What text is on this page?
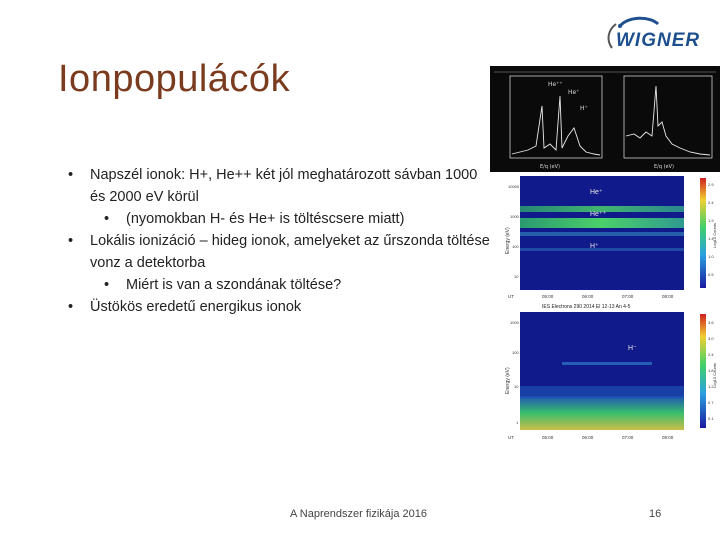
Ionpopulácók
WIGNER
• Napszél ionok: H+, He++ két jól meghatározott sávban 1000 és 2000 eV körül
• (nyomokban H- és He+ is töltéscsere miatt)
• Lokális ionizáció – hideg ionok, amelyeket az űrszonda töltése vonz a detektorba
• Miért is van a szondának töltése?
• Üstökös eredetű energikus ionok
He⁺⁺
He⁺
H⁺
E/q (eV)	E/q (eV)
He⁺
He⁺⁺
H⁺
2.9
2.4
1.9
1.4
1.0
0.5
10000
1000
100
10
Energy (eV)	Log10 Counts
UT	05:00	06:00	07:00	08:00
IES Electrons 290 2014 El 12-13 An 4-5
H⁻
3.6
3.0
2.4
1.8
1.2
0.7
0.1
1000
100
10
1
Energy (eV)	Log10 Counts
UT	05:00	06:00	07:00	08:00
A Naprendszer fizikája 2016	16
